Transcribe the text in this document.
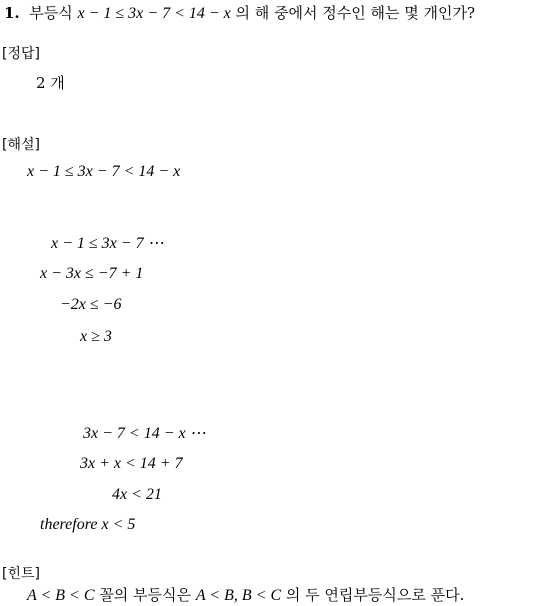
1. 부등식 x − 1 ≤ 3x − 7 < 14 − x 의 해 중에서 정수인 해는 몇 개인가?
[정답]
2 개
[해설]
x − 1 ≤ 3x − 7 < 14 − x
x − 1 ≤ 3x − 7 ⋯
x − 3x ≤ −7 + 1
−2x ≤ −6
x ≥ 3
3x − 7 < 14 − x ⋯
3x + x < 14 + 7
4x < 21
therefore x < 5
[힌트]
A < B < C 꼴의 부등식은 A < B, B < C 의 두 연립부등식으로 푼다.
